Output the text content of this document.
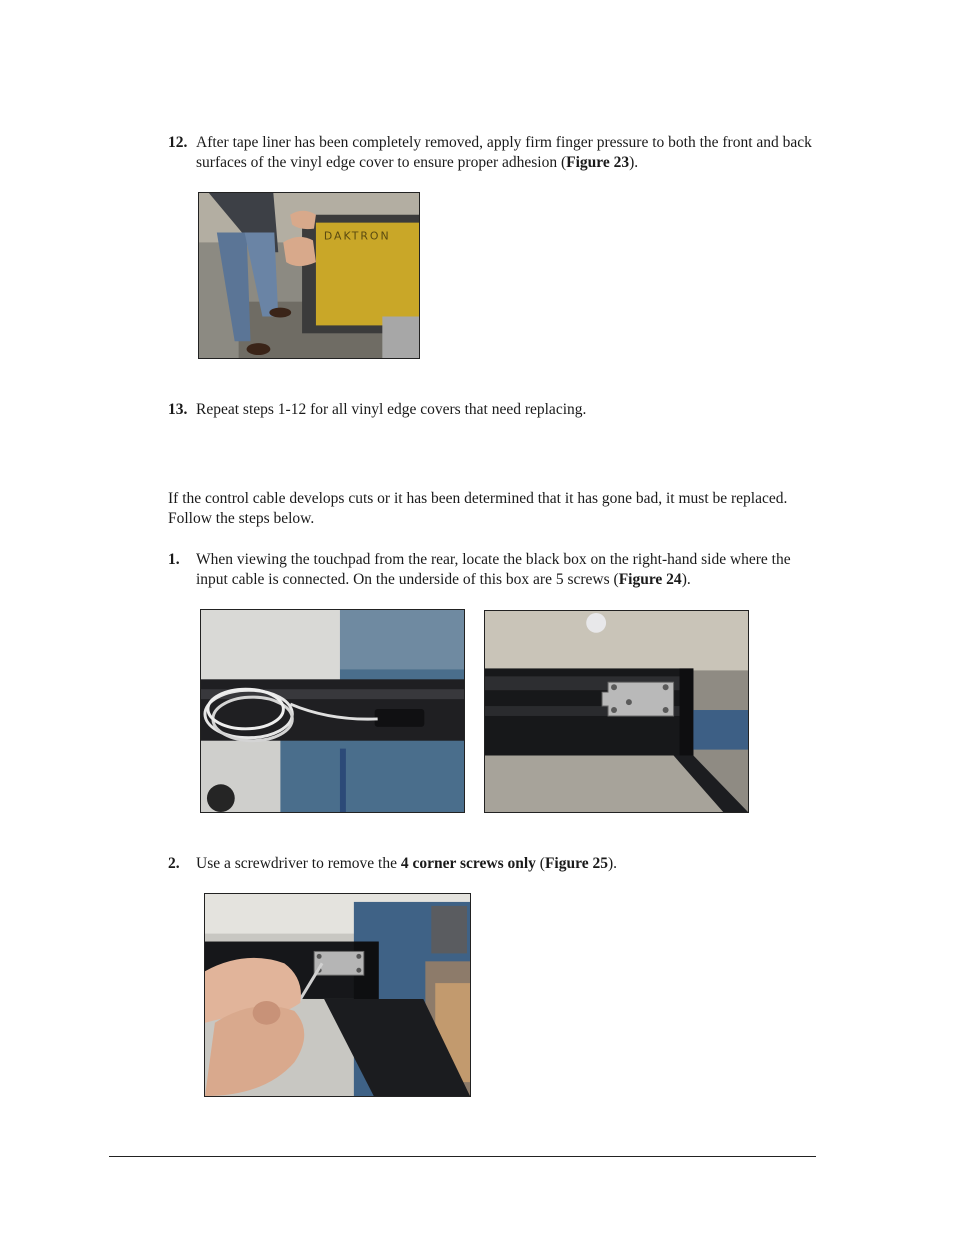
12. After tape liner has been completely removed, apply firm finger pressure to both the front and back surfaces of the vinyl edge cover to ensure proper adhesion (Figure 23).
DAKTRON
13. Repeat steps 1-12 for all vinyl edge covers that need replacing.
If the control cable develops cuts or it has been determined that it has gone bad, it must be replaced. Follow the steps below.
1. When viewing the touchpad from the rear, locate the black box on the right-hand side where the input cable is connected. On the underside of this box are 5 screws (Figure 24).
2. Use a screwdriver to remove the 4 corner screws only (Figure 25).
